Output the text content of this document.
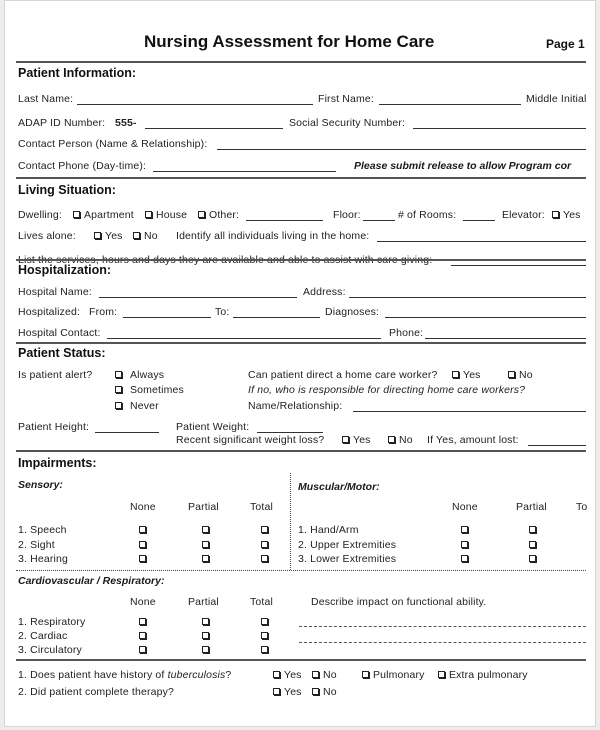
Nursing Assessment for Home Care	Page 1
Patient Information:
Last Name:	First Name:	Middle Initial
ADAP ID Number: 555-	Social Security Number:
Contact Person (Name & Relationship):
Contact Phone (Day-time):	Please submit release to allow Program cor
Living Situation:
Dwelling: Apartment House Other:	Floor:	# of Rooms:	Elevator: Yes
Lives alone:	Yes No Identify all individuals living in the home:
Hospitalization:
Hospital Name:	Address:
Hospitalized: From:	To:	Diagnoses:
Hospital Contact:	Phone:
Patient Status:
Is patient alert?	Always
Sometimes
Never
Can patient direct a home care worker? Yes	No
If no, who is responsible for directing home care workers?
Name/Relationship:
Patient Height:	Patient Weight:
Recent significant weight loss?	Yes	No If Yes, amount lost:
Impairments:
Sensory:
None	Partial	Total
1. Speech
2. Sight
3. Hearing
Muscular/Motor:
None	Partial	To
1. Hand/Arm
2. Upper Extremities
3. Lower Extremities
Cardiovascular / Respiratory:
None	Partial	Total	Describe impact on functional ability.
1. Respiratory
2. Cardiac
3. Circulatory
1. Does patient have history of tuberculosis?	Yes No	Pulmonary Extra pulmonary
2. Did patient complete therapy?	Yes No
